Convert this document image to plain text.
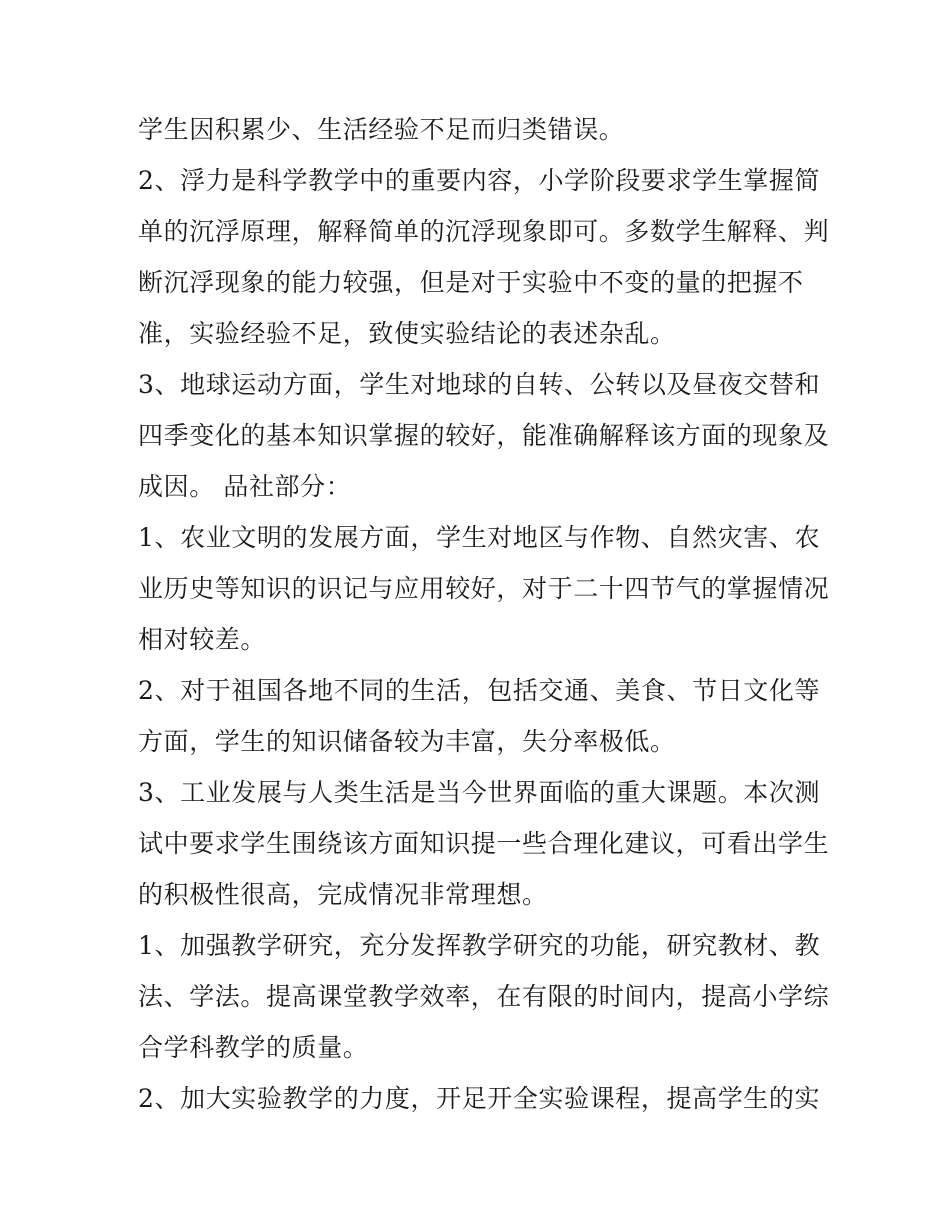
学生因积累少、生活经验不足而归类错误。
2、浮力是科学教学中的重要内容，小学阶段要求学生掌握简
单的沉浮原理，解释简单的沉浮现象即可。多数学生解释、判
断沉浮现象的能力较强，但是对于实验中不变的量的把握不
准，实验经验不足，致使实验结论的表述杂乱。
3、地球运动方面，学生对地球的自转、公转以及昼夜交替和
四季变化的基本知识掌握的较好，能准确解释该方面的现象及
成因。 品社部分：
1、农业文明的发展方面，学生对地区与作物、自然灾害、农
业历史等知识的识记与应用较好，对于二十四节气的掌握情况
相对较差。
2、对于祖国各地不同的生活，包括交通、美食、节日文化等
方面，学生的知识储备较为丰富，失分率极低。
3、工业发展与人类生活是当今世界面临的重大课题。本次测
试中要求学生围绕该方面知识提一些合理化建议，可看出学生
的积极性很高，完成情况非常理想。
1、加强教学研究，充分发挥教学研究的功能，研究教材、教
法、学法。提高课堂教学效率，在有限的时间内，提高小学综
合学科教学的质量。
2、加大实验教学的力度，开足开全实验课程，提高学生的实
